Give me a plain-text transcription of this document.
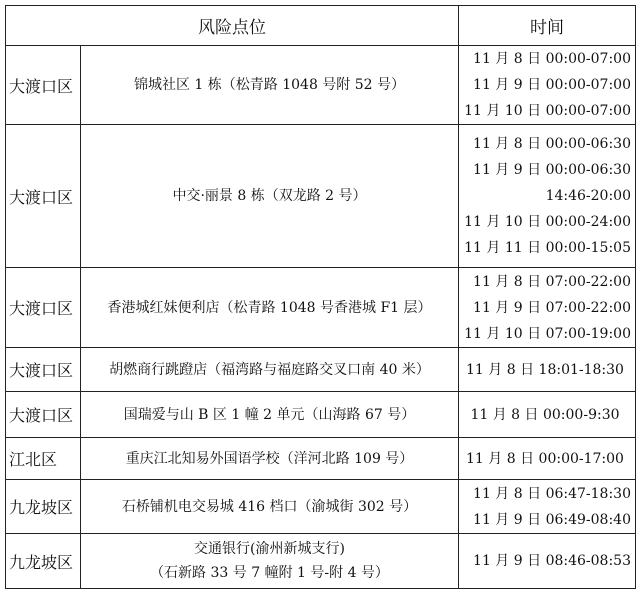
风险点位		时间
大渡口区	锦城社区 1 栋（松青路 1048 号附 52 号）	11 月 8 日 00:00-07:00
11 月 9 日 00:00-07:00
11 月 10 日 00:00-07:00

大渡口区	中交·丽景 8 栋（双龙路 2 号）	11 月 8 日 00:00-06:30
11 月 9 日 00:00-06:30
14:46-20:00
11 月 10 日 00:00-24:00
11 月 11 日 00:00-15:05

大渡口区	香港城红妹便利店（松青路 1048 号香港城 F1 层）	11 月 8 日 07:00-22:00
11 月 9 日 07:00-22:00
11 月 10 日 07:00-19:00

大渡口区	胡燃商行跳蹬店（福湾路与福庭路交叉口南 40 米）	11 月 8 日 18:01-18:30

大渡口区	国瑞爱与山 B 区 1 幢 2 单元（山海路 67 号）	11 月 8 日 00:00-9:30

江北区	重庆江北知易外国语学校（洋河北路 109 号）	11 月 8 日 00:00-17:00

九龙坡区	石桥铺机电交易城 416 档口（渝城街 302 号）	11 月 8 日 06:47-18:30
11 月 9 日 06:49-08:40

九龙坡区	交通银行(渝州新城支行)
（石新路 33 号 7 幢附 1 号-附 4 号）	11 月 9 日 08:46-08:53
